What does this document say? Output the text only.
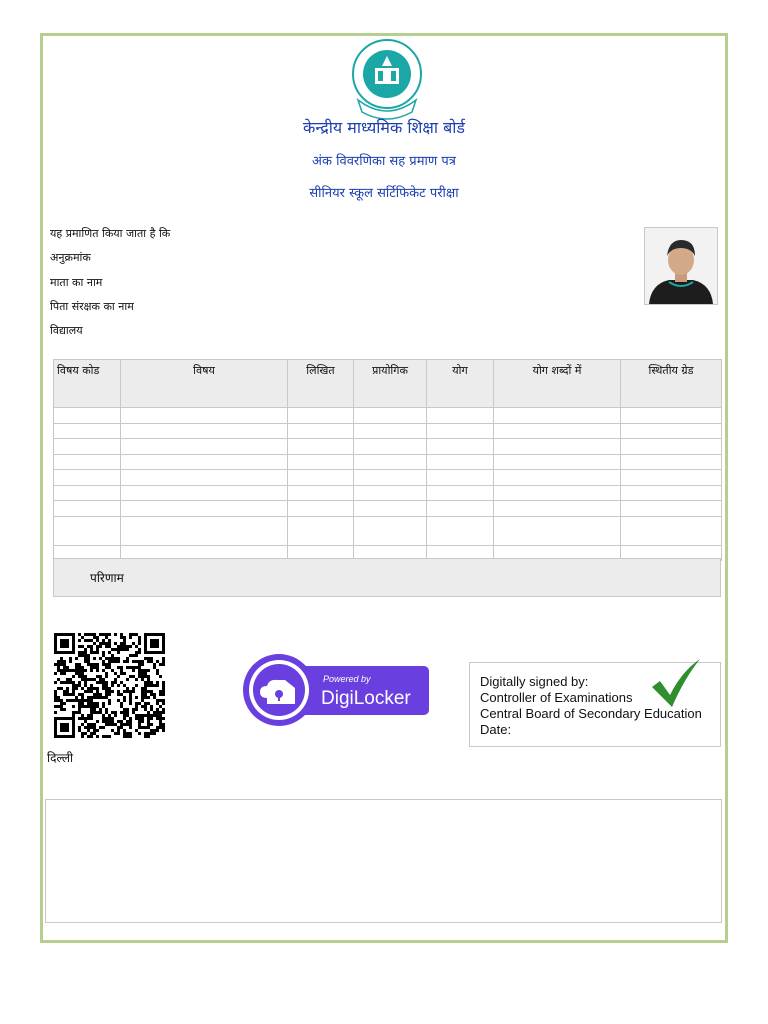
केन्द्रीय माध्यमिक शिक्षा बोर्ड
अंक विवरणिका सह प्रमाण पत्र
सीनियर स्कूल सर्टिफिकेट परीक्षा
यह प्रमाणित किया जाता है कि
अनुक्रमांक
माता का नाम
पिता संरक्षक का नाम
विद्यालय
विषय कोड	विषय	लिखित	प्रायोगिक	योग	योग शब्दों में	स्थितीय ग्रेड

परिणाम
Powered by
DigiLocker
Digitally signed by:
Controller of Examinations
Central Board of Secondary Education
Date:
दिल्ली
